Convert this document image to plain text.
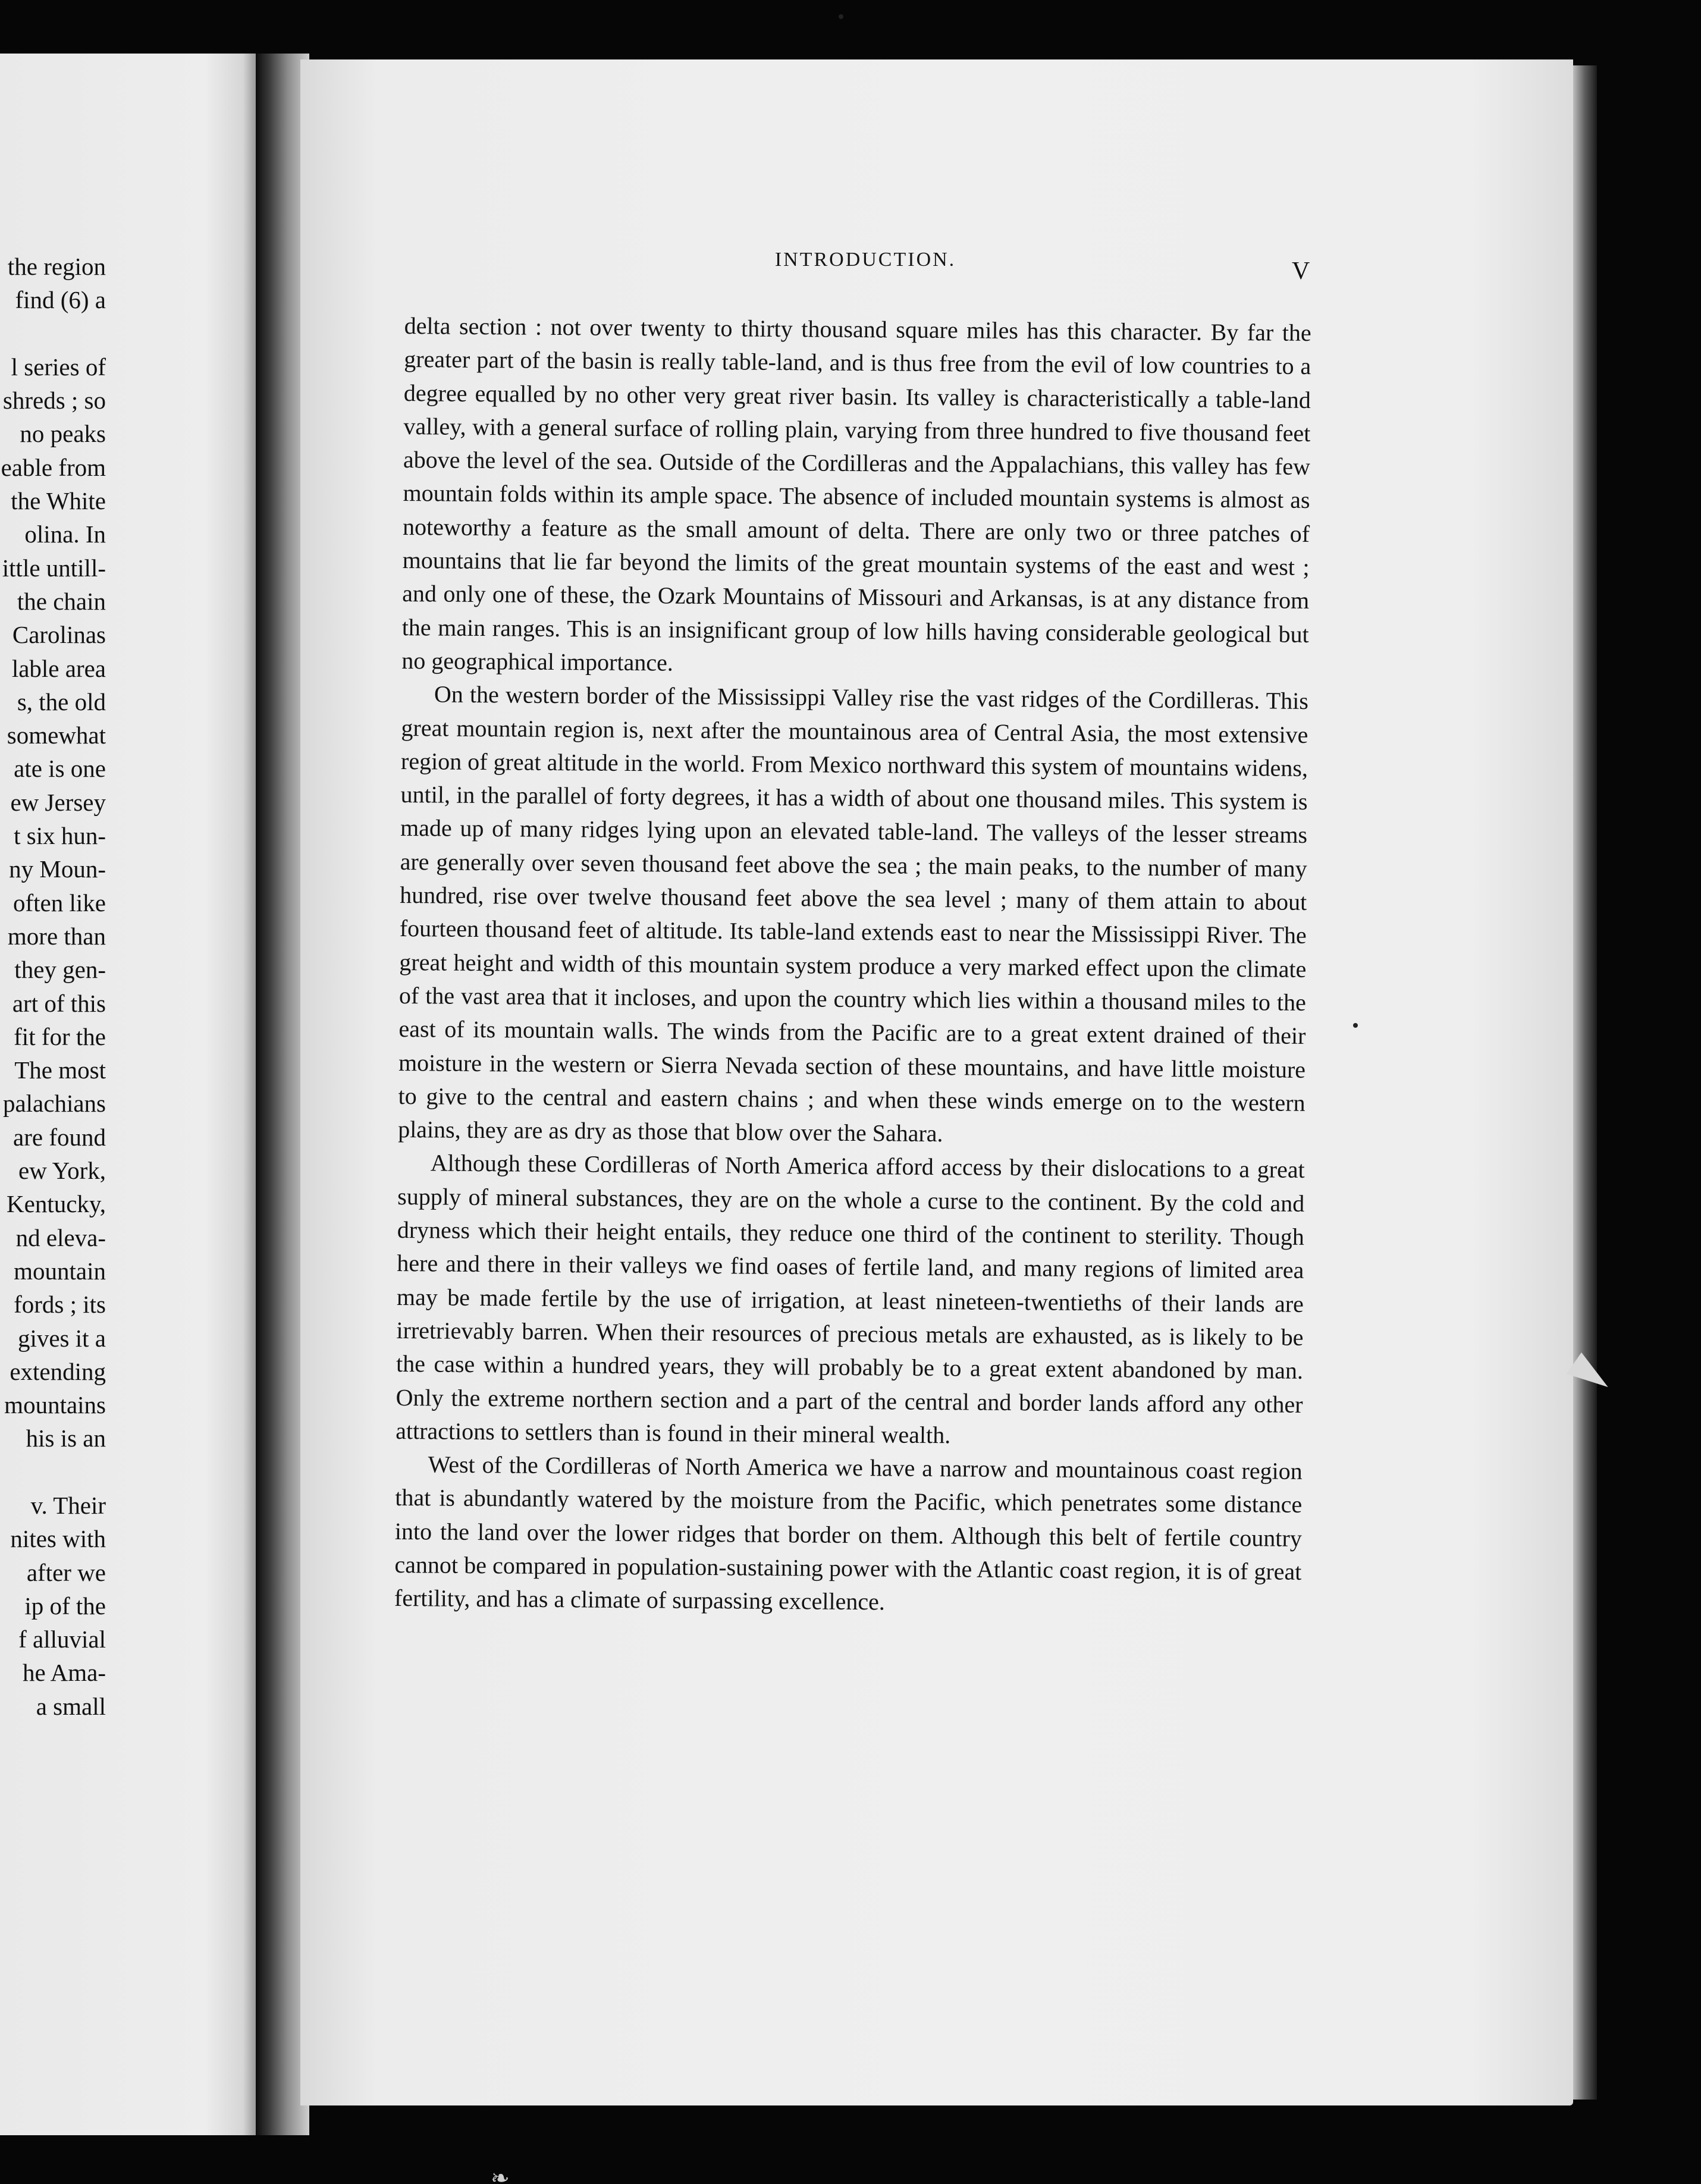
the region
find (6) a
l series of
shreds ; so
no peaks
eable from
the White
olina. In
ittle untill-
the chain
Carolinas
lable area
s, the old
somewhat
ate is one
ew Jersey
t six hun-
ny Moun-
often like
more than
they gen-
art of this
fit for the
The most
palachians
are found
ew York,
Kentucky,
nd eleva-
mountain
fords ; its
gives it a
extending
mountains
his is an
v. Their
nites with
after we
ip of the
f alluvial
he Ama-
a small
INTRODUCTION.	V

delta section : not over twenty to thirty thousand square miles has this character. By far the greater part of the basin is really table-land, and is thus free from the evil of low countries to a degree equalled by no other very great river basin. Its valley is characteristically a table-land valley, with a general surface of rolling plain, varying from three hundred to five thousand feet above the level of the sea. Outside of the Cordilleras and the Appalachians, this valley has few mountain folds within its ample space. The absence of included mountain systems is almost as noteworthy a feature as the small amount of delta. There are only two or three patches of mountains that lie far beyond the limits of the great mountain systems of the east and west ; and only one of these, the Ozark Mountains of Missouri and Arkansas, is at any distance from the main ranges. This is an insignificant group of low hills having considerable geological but no geographical importance.

On the western border of the Mississippi Valley rise the vast ridges of the Cordilleras. This great mountain region is, next after the mountainous area of Central Asia, the most extensive region of great altitude in the world. From Mexico northward this system of mountains widens, until, in the parallel of forty degrees, it has a width of about one thousand miles. This system is made up of many ridges lying upon an elevated table-land. The valleys of the lesser streams are generally over seven thousand feet above the sea ; the main peaks, to the number of many hundred, rise over twelve thousand feet above the sea level ; many of them attain to about fourteen thousand feet of altitude. Its table-land extends east to near the Mississippi River. The great height and width of this mountain system produce a very marked effect upon the climate of the vast area that it incloses, and upon the country which lies within a thousand miles to the east of its mountain walls. The winds from the Pacific are to a great extent drained of their moisture in the western or Sierra Nevada section of these mountains, and have little moisture to give to the central and eastern chains ; and when these winds emerge on to the western plains, they are as dry as those that blow over the Sahara.

Although these Cordilleras of North America afford access by their dislocations to a great supply of mineral substances, they are on the whole a curse to the continent. By the cold and dryness which their height entails, they reduce one third of the continent to sterility. Though here and there in their valleys we find oases of fertile land, and many regions of limited area may be made fertile by the use of irrigation, at least nineteen-twentieths of their lands are irretrievably barren. When their resources of precious metals are exhausted, as is likely to be the case within a hundred years, they will probably be to a great extent abandoned by man. Only the extreme northern section and a part of the central and border lands afford any other attractions to settlers than is found in their mineral wealth.

West of the Cordilleras of North America we have a narrow and mountainous coast region that is abundantly watered by the moisture from the Pacific, which penetrates some distance into the land over the lower ridges that border on them. Although this belt of fertile country cannot be compared in population-sustaining power with the Atlantic coast region, it is of great fertility, and has a climate of surpassing excellence.

❧
